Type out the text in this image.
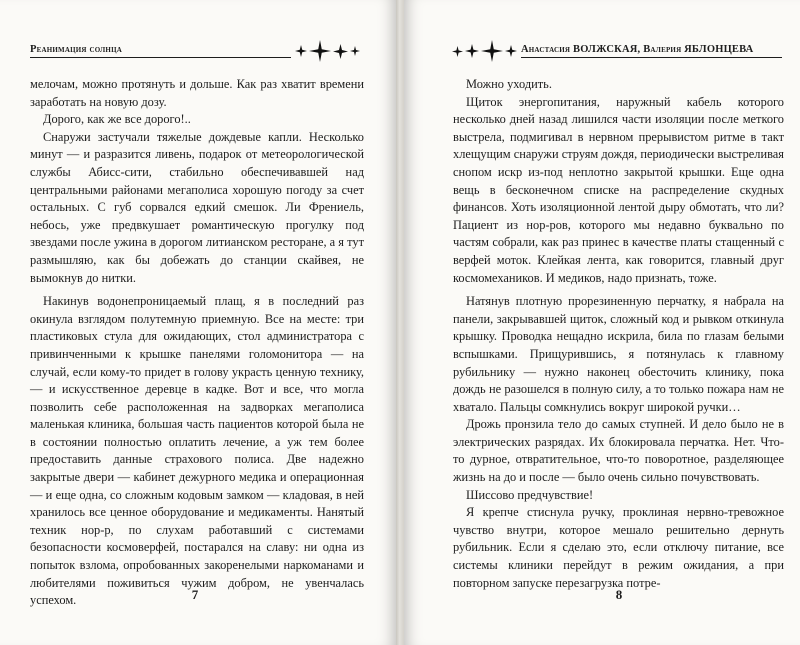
Реанимация солнца

мелочам, можно протянуть и дольше. Как раз хватит времени заработать на новую дозу.

Дорого, как же все дорого!..

Снаружи застучали тяжелые дождевые капли. Несколько минут — и разразится ливень, подарок от метеорологической службы Абисс-сити, стабильно обеспечивавшей над центральными районами мегаполиса хорошую погоду за счет остальных. С губ сорвался едкий смешок. Ли Френиель, небось, уже предвкушает романтическую прогулку под звездами после ужина в дорогом литианском ресторане, а я тут размышляю, как бы добежать до станции скайвея, не вымокнув до нитки.

Накинув водонепроницаемый плащ, я в последний раз окинула взглядом полутемную приемную. Все на месте: три пластиковых стула для ожидающих, стол администратора с привинченными к крышке панелями голомонитора — на случай, если кому-то придет в голову украсть ценную технику, — и искусственное деревце в кадке. Вот и все, что могла позволить себе расположенная на задворках мегаполиса маленькая клиника, большая часть пациентов которой была не в состоянии полностью оплатить лечение, а уж тем более предоставить данные страхового полиса. Две надежно закрытые двери — кабинет дежурного медика и операционная — и еще одна, со сложным кодовым замком — кладовая, в ней хранилось все ценное оборудование и медикаменты. Нанятый техник нор-р, по слухам работавший с системами безопасности космоверфей, постарался на славу: ни одна из попыток взлома, опробованных закоренелыми наркоманами и любителями поживиться чужим добром, не увенчалась успехом.	7
Анастасия ВОЛЖСКАЯ, Валерия ЯБЛОНЦЕВА

Можно уходить.

Щиток энергопитания, наружный кабель которого несколько дней назад лишился части изоляции после меткого выстрела, подмигивал в нервном прерывистом ритме в такт хлещущим снаружи струям дождя, периодически выстреливая снопом искр из-под неплотно закрытой крышки. Еще одна вещь в бесконечном списке на распределение скудных финансов. Хоть изоляционной лентой дыру обмотать, что ли? Пациент из нор-ров, которого мы недавно буквально по частям собрали, как раз принес в качестве платы стащенный с верфей моток. Клейкая лента, как говорится, главный друг космомехаников. И медиков, надо признать, тоже.

Натянув плотную прорезиненную перчатку, я набрала на панели, закрывавшей щиток, сложный код и рывком откинула крышку. Проводка нещадно искрила, била по глазам белыми вспышками. Прищурившись, я потянулась к главному рубильнику — нужно наконец обесточить клинику, пока дождь не разошелся в полную силу, а то только пожара нам не хватало. Пальцы сомкнулись вокруг широкой ручки…

Дрожь пронзила тело до самых ступней. И дело было не в электрических разрядах. Их блокировала перчатка. Нет. Что-то дурное, отвратительное, что-то поворотное, разделяющее жизнь на до и после — было очень сильно почувствовать.

Шиссово предчувствие!

Я крепче стиснула ручку, проклиная нервно-тревожное чувство внутри, которое мешало решительно дернуть рубильник. Если я сделаю это, если отключу питание, все системы клиники перейдут в режим ожидания, а при повторном запуске перезагрузка потре-

8
